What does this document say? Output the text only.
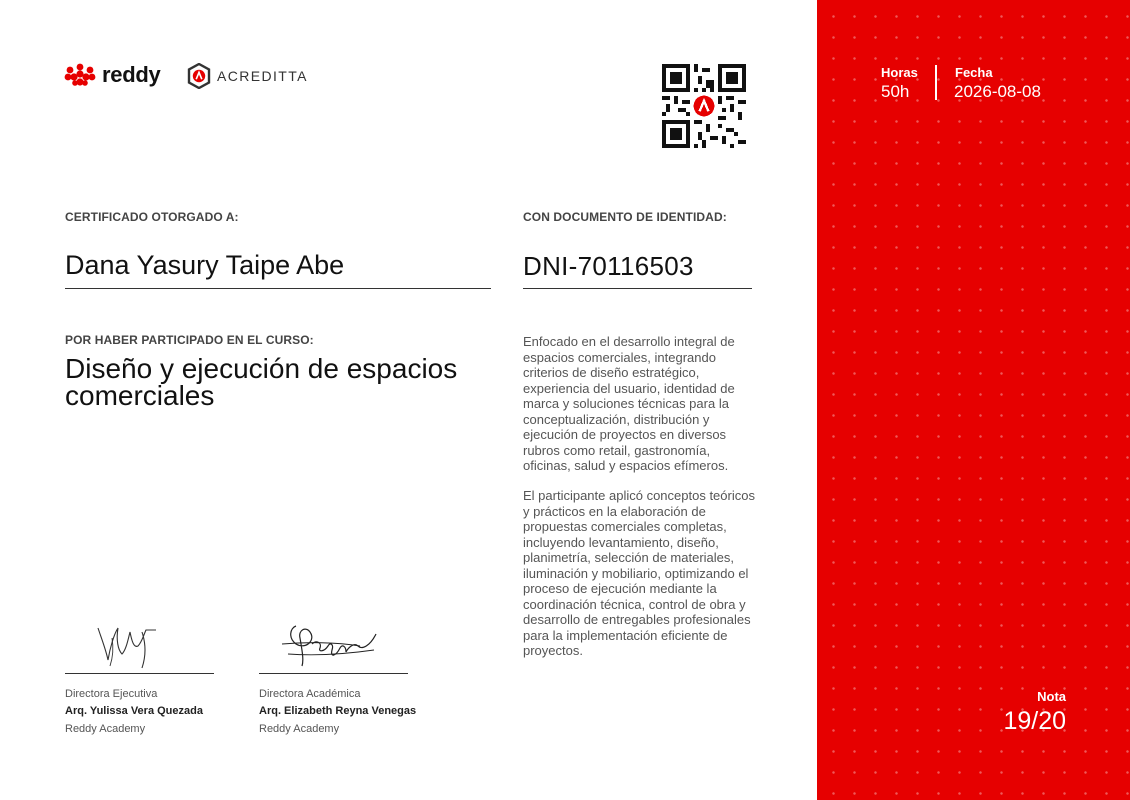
reddy	ACREDITTA
CERTIFICADO OTORGADO A:
Dana Yasury Taipe Abe
CON DOCUMENTO DE IDENTIDAD:
DNI-70116503
POR HABER PARTICIPADO EN EL CURSO:
Diseño y ejecución de espacios comerciales
Enfocado en el desarrollo integral de espacios comerciales, integrando criterios de diseño estratégico, experiencia del usuario, identidad de marca y soluciones técnicas para la conceptualización, distribución y ejecución de proyectos en diversos rubros como retail, gastronomía, oficinas, salud y espacios efímeros.
El participante aplicó conceptos teóricos y prácticos en la elaboración de propuestas comerciales completas, incluyendo levantamiento, diseño, planimetría, selección de materiales, iluminación y mobiliario, optimizando el proceso de ejecución mediante la coordinación técnica, control de obra y desarrollo de entregables profesionales para la implementación eficiente de proyectos.
Directora Ejecutiva
Arq. Yulissa Vera Quezada
Reddy Academy
Directora Académica
Arq. Elizabeth Reyna Venegas
Reddy Academy
Horas
50h
Fecha
2026-08-08
Nota
19/20
